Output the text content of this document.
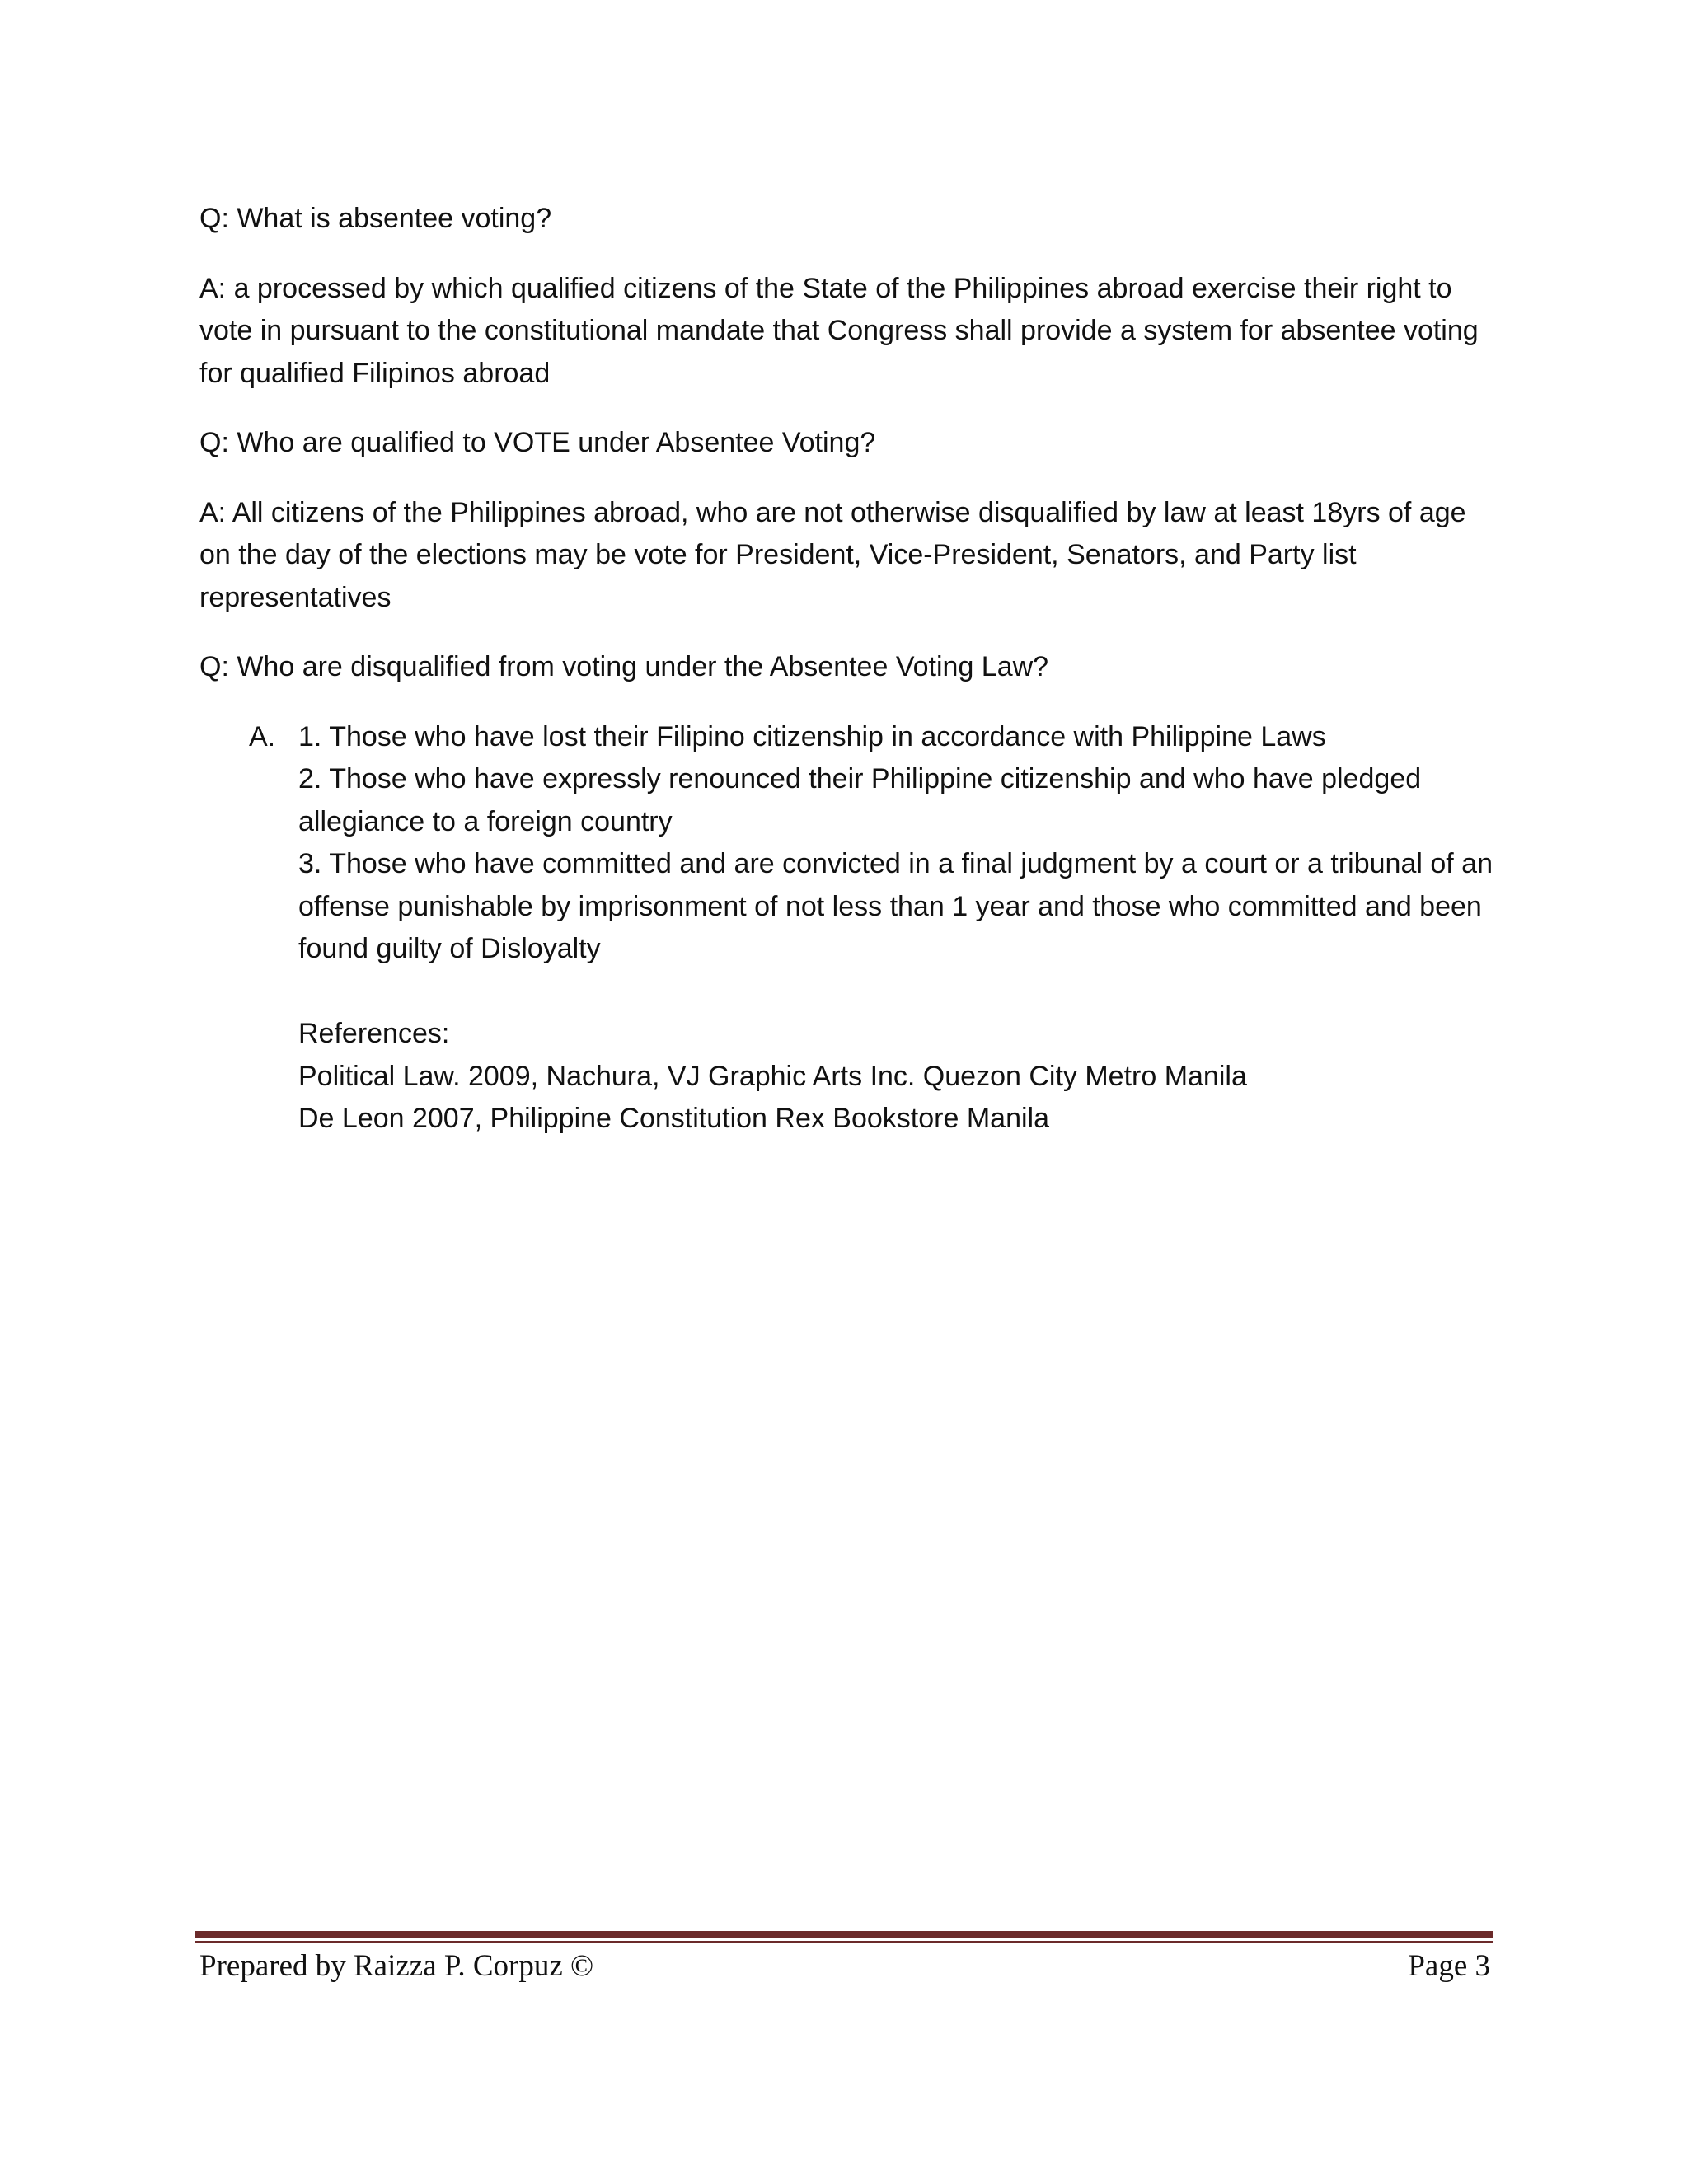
Q: What is absentee voting?

A: a processed by which qualified citizens of the State of the Philippines abroad exercise their right to vote in pursuant to the constitutional mandate that Congress shall provide a system for absentee voting for qualified Filipinos abroad

Q: Who are qualified to VOTE under Absentee Voting?

A: All citizens of the Philippines abroad, who are not otherwise disqualified by law at least 18yrs of age on the day of the elections may be vote for President, Vice-President, Senators, and Party list representatives

Q: Who are disqualified from voting under the Absentee Voting Law?

A. 1. Those who have lost their Filipino citizenship in accordance with Philippine Laws
2. Those who have expressly renounced their Philippine citizenship and who have pledged allegiance to a foreign country
3. Those who have committed and are convicted in a final judgment by a court or a tribunal of an offense punishable by imprisonment of not less than 1 year and those who committed and been found guilty of Disloyalty
References:
Political Law. 2009, Nachura, VJ Graphic Arts Inc. Quezon City Metro Manila
De Leon 2007, Philippine Constitution Rex Bookstore Manila
Prepared by Raizza P. Corpuz ©	Page 3
